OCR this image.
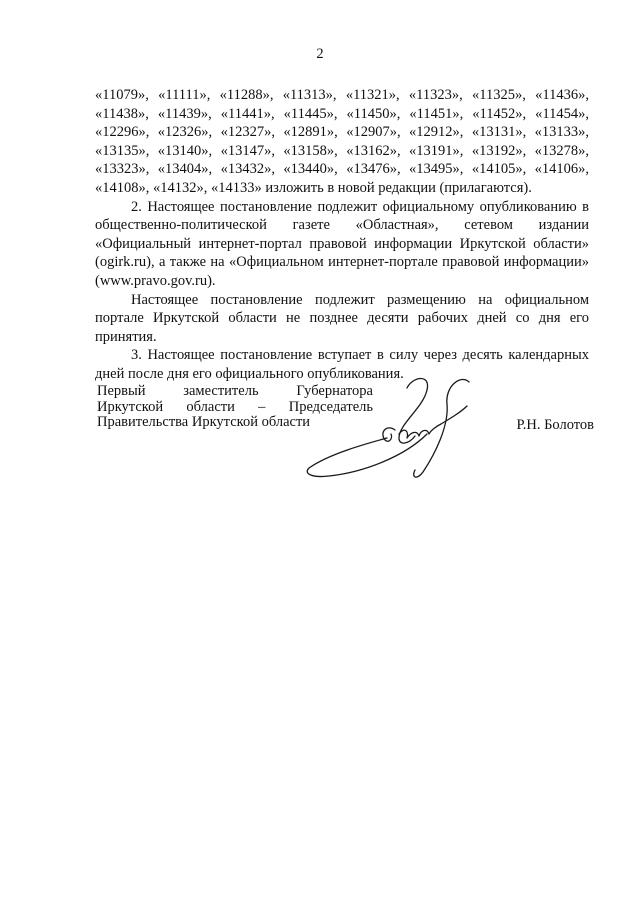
2

«11079», «11111», «11288», «11313», «11321», «11323», «11325», «11436», «11438», «11439», «11441», «11445», «11450», «11451», «11452», «11454», «12296», «12326», «12327», «12891», «12907», «12912», «13131», «13133», «13135», «13140», «13147», «13158», «13162», «13191», «13192», «13278», «13323», «13404», «13432», «13440», «13476», «13495», «14105», «14106», «14108», «14132», «14133» изложить в новой редакции (прилагаются).

2. Настоящее постановление подлежит официальному опубликованию в общественно-политической газете «Областная», сетевом издании «Официальный интернет-портал правовой информации Иркутской области» (ogirk.ru), а также на «Официальном интернет-портале правовой информации» (www.pravo.gov.ru).

Настоящее постановление подлежит размещению на официальном портале Иркутской области не позднее десяти рабочих дней со дня его принятия.

3. Настоящее постановление вступает в силу через десять календарных дней после дня его официального опубликования.

Первый	заместитель	Губернатора
Иркутской области – Председатель
Правительства Иркутской области	Р.Н. Болотов
